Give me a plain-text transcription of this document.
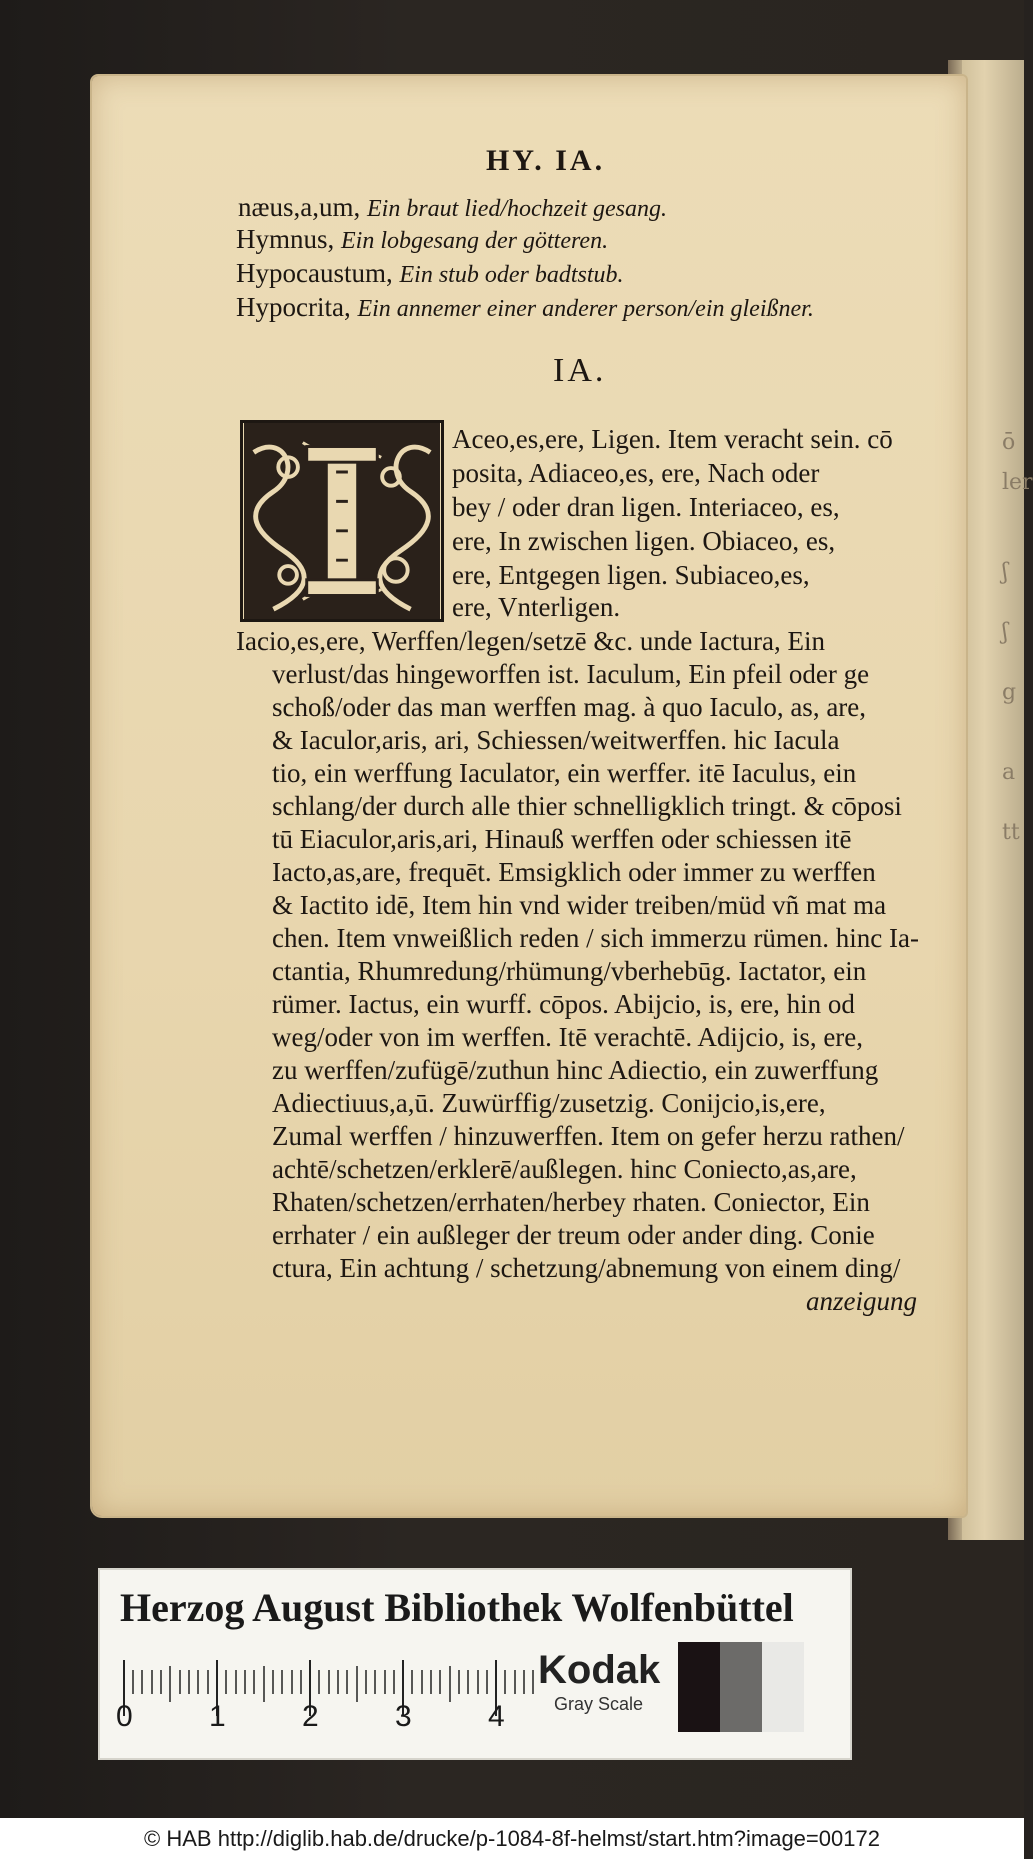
ō
ler
ʃ
ʃ
g
a
tt
HY. IA.
næus,a,um, Ein braut lied/hochzeit gesang.
Hymnus, Ein lobgesang der götteren.
Hypocaustum, Ein stub oder badtstub.
Hypocrita, Ein annemer einer anderer person/ein gleißner.
IA.
Aceo,es,ere, Ligen. Item veracht sein. cō
posita, Adiaceo,es, ere, Nach oder
bey / oder dran ligen. Interiaceo, es,
ere, In zwischen ligen. Obiaceo, es,
ere, Entgegen ligen. Subiaceo,es,
ere, Vnterligen.
Iacio,es,ere, Werffen/legen/setzē &c. unde Iactura, Ein
verlust/das hingeworffen ist. Iaculum, Ein pfeil oder ge
schoß/oder das man werffen mag. à quo Iaculo, as, are,
& Iaculor,aris, ari, Schiessen/weitwerffen. hic Iacula
tio, ein werffung Iaculator, ein werffer. itē Iaculus, ein
schlang/der durch alle thier schnelligklich tringt. & cōposi
tū Eiaculor,aris,ari, Hinauß werffen oder schiessen itē
Iacto,as,are, frequēt. Emsigklich oder immer zu werffen
& Iactito idē, Item hin vnd wider treiben/müd vñ mat ma
chen. Item vnweißlich reden / sich immerzu rümen. hinc Ia-
ctantia, Rhumredung/rhümung/vberhebūg. Iactator, ein
rümer. Iactus, ein wurff. cōpos. Abijcio, is, ere, hin od
weg/oder von im werffen. Itē verachtē. Adijcio, is, ere,
zu werffen/zufügē/zuthun hinc Adiectio, ein zuwerffung
Adiectiuus,a,ū. Zuwürffig/zusetzig. Conijcio,is,ere,
Zumal werffen / hinzuwerffen. Item on gefer herzu rathen/
achtē/schetzen/erklerē/außlegen. hinc Coniecto,as,are,
Rhaten/schetzen/errhaten/herbey rhaten. Coniector, Ein
errhater / ein außleger der treum oder ander ding. Conie
ctura, Ein achtung / schetzung/abnemung von einem ding/
anzeigung
Herzog August Bibliothek Wolfenbüttel
0	1	2	3	4
Kodak
Gray Scale
© HAB http://diglib.hab.de/drucke/p-1084-8f-helmst/start.htm?image=00172
